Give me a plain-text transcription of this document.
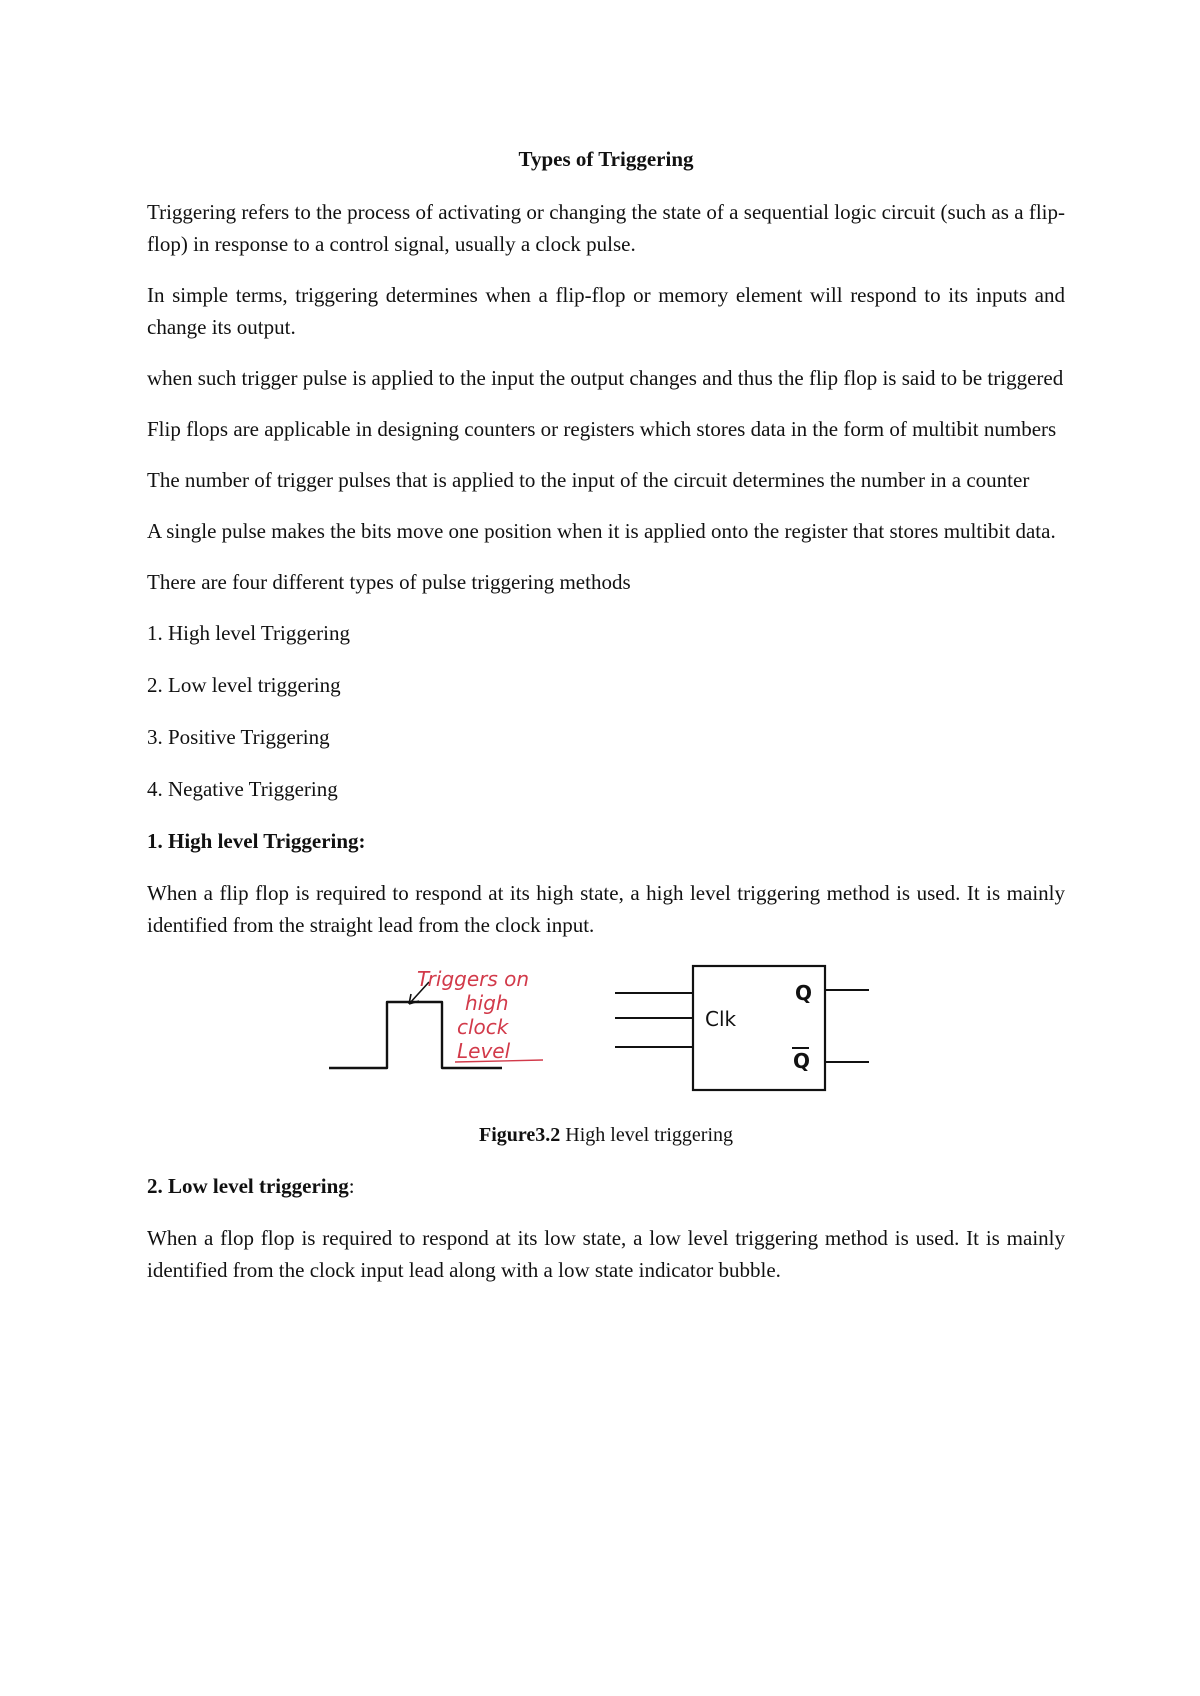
Types of Triggering

Triggering refers to the process of activating or changing the state of a sequential logic circuit (such as a flip-flop) in response to a control signal, usually a clock pulse.

In simple terms, triggering determines when a flip-flop or memory element will respond to its inputs and change its output.

when such trigger pulse is applied to the input the output changes and thus the flip flop is said to be triggered

Flip flops are applicable in designing counters or registers which stores data in the form of multibit numbers

The number of trigger pulses that is applied to the input of the circuit determines the number in a counter

A single pulse makes the bits move one position when it is applied onto the register that stores multibit data.

There are four different types of pulse triggering methods

1. High level Triggering
2. Low level triggering
3. Positive Triggering
4. Negative Triggering
1. High level Triggering:

When a flip flop is required to respond at its high state, a high level triggering method is used. It is mainly identified from the straight lead from the clock input.

Triggers on
high
clock
Level
Clk
Q
Q
Figure3.2 High level triggering
2. Low level triggering:

When a flop flop is required to respond at its low state, a low level triggering method is used. It is mainly identified from the clock input lead along with a low state indicator bubble.
